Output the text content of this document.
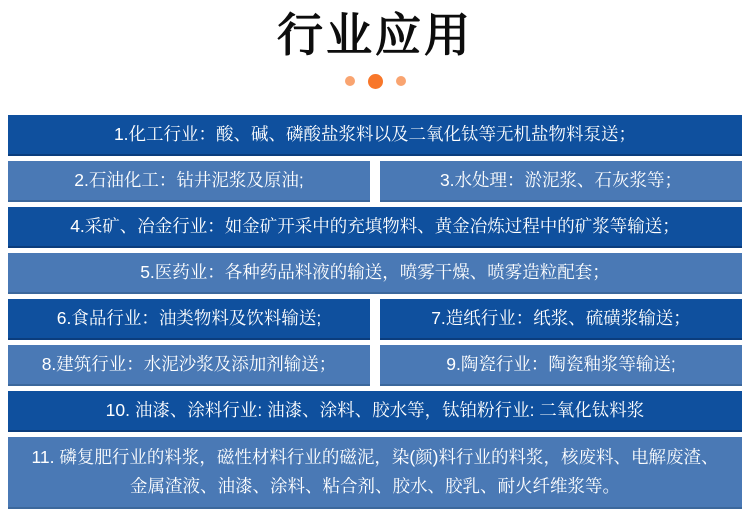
行业应用
1.化工行业：酸、碱、磷酸盐浆料以及二氧化钛等无机盐物料泵送；
2.石油化工：钻井泥浆及原油;	3.水处理：淤泥浆、石灰浆等；
4.采矿、冶金行业：如金矿开采中的充填物料、黄金冶炼过程中的矿浆等输送；
5.医药业：各种药品料液的输送，喷雾干燥、喷雾造粒配套；
6.食品行业：油类物料及饮料输送;	7.造纸行业：纸浆、硫磺浆输送；
8.建筑行业：水泥沙浆及添加剂输送；	9.陶瓷行业：陶瓷釉浆等输送;
10. 油漆、涂料行业: 油漆、涂料、胶水等，钛铂粉行业: 二氧化钛料浆
11. 磷复肥行业的料浆，磁性材料行业的磁泥，染(颜)料行业的料浆，核废料、电解废渣、金属渣液、油漆、涂料、粘合剂、胶水、胶乳、耐火纤维浆等。
